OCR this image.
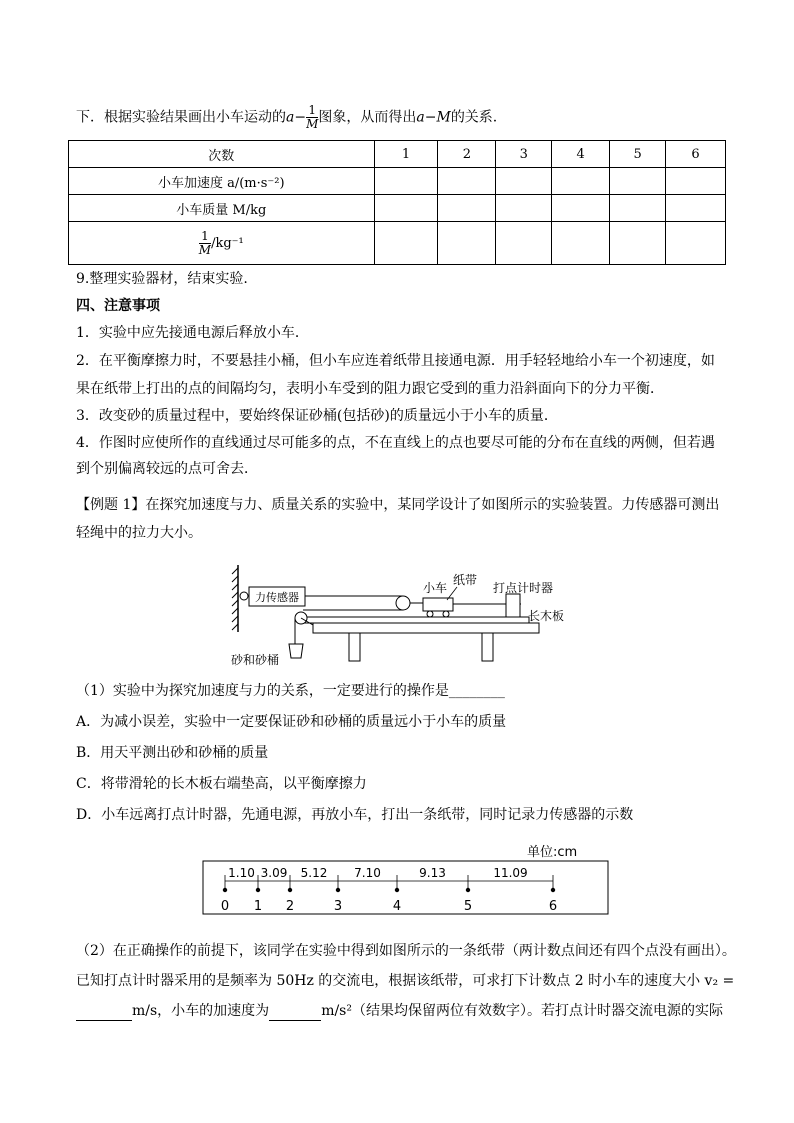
下．根据实验结果画出小车运动的$a- \frac{1}{M}$ 图象，从而得出a−M的关系.
次数	1	2	3	4	5	6
小车加速度 a/(m·s⁻²)						
小车质量 M/kg						

$\frac{1}{M} /kg^{-1}$						
9.整理实验器材，结束实验.
四、注意事项
1．实验中应先接通电源后释放小车．
2．在平衡摩擦力时，不要悬挂小桶，但小车应连着纸带且接通电源．用手轻轻地给小车一个初速度，如
果在纸带上打出的点的间隔均匀，表明小车受到的阻力跟它受到的重力沿斜面向下的分力平衡．
3．改变砂的质量过程中，要始终保证砂桶(包括砂)的质量远小于小车的质量．
4．作图时应使所作的直线通过尽可能多的点，不在直线上的点也要尽可能的分布在直线的两侧，但若遇
到个别偏离较远的点可舍去．
【例题 1】在探究加速度与力、质量关系的实验中，某同学设计了如图所示的实验装置。力传感器可测出
轻绳中的拉力大小。
力传感器
小车
纸带
打点计时器
长木板
砂和砂桶
（1）实验中为探究加速度与力的关系，一定要进行的操作是________
A．为减小误差，实验中一定要保证砂和砂桶的质量远小于小车的质量
B．用天平测出砂和砂桶的质量
C．将带滑轮的长木板右端垫高，以平衡摩擦力
D．小车远离打点计时器，先通电源，再放小车，打出一条纸带，同时记录力传感器的示数
单位:cm
0 1 2	3	4	5	6
1.10 3.09 5.12 7.10	9.13	11.09
（2）在正确操作的前提下，该同学在实验中得到如图所示的一条纸带（两计数点间还有四个点没有画出）。
已知打点计时器采用的是频率为 50Hz 的交流电，根据该纸带，可求打下计数点 2 时小车的速度大小 v₂ =
m/s，小车的加速度为	m/s²（结果均保留两位有效数字）。若打点计时器交流电源的实际
